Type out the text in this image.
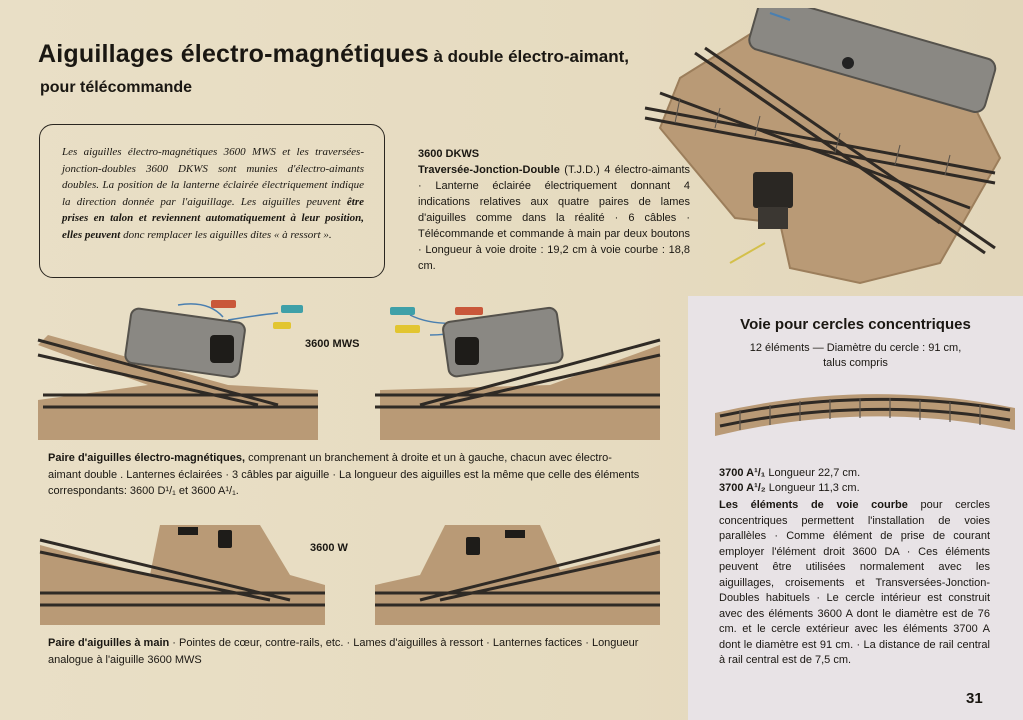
Aiguillages électro-magnétiques à double électro-aimant,
pour télécommande

Les aiguilles électro-magnétiques 3600 MWS et les traversées-jonction-doubles 3600 DKWS sont munies d'électro-aimants doubles. La position de la lanterne éclairée électriquement indique la direction donnée par l'aiguillage. Les aiguilles peuvent être prises en talon et reviennent automatiquement à leur position, elles peuvent donc remplacer les aiguilles dites « à ressort ».

3600 DKWS
Traversée-Jonction-Double (T.J.D.) 4 électro-aimants · Lanterne éclairée électriquement donnant 4 indications relatives aux quatre paires de lames d'aiguilles comme dans la réalité · 6 câbles · Télécommande et commande à main par deux boutons · Longueur à voie droite : 19,2 cm à voie courbe : 18,8 cm.

3600 MWS

Paire d'aiguilles électro-magnétiques, comprenant un branchement à droite et un à gauche, chacun avec électro-aimant double . Lanternes éclairées · 3 câbles par aiguille · La longueur des aiguilles est la même que celle des éléments correspondants: 3600 D¹/₁ et 3600 A¹/₁.

3600 W

Paire d'aiguilles à main · Pointes de cœur, contre-rails, etc. · Lames d'aiguilles à ressort · Lanternes factices · Longueur analogue à l'aiguille 3600 MWS

Voie pour cercles concentriques

12 éléments — Diamètre du cercle : 91 cm,
talus compris

3700 A¹/₁ Longueur 22,7 cm.
3700 A¹/₂ Longueur 11,3 cm.

Les éléments de voie courbe pour cercles concentriques permettent l'installation de voies parallèles · Comme élément de prise de courant employer l'élément droit 3600 DA · Ces éléments peuvent être utilisées normalement avec les aiguillages, croisements et Transversées-Jonction-Doubles habituels · Le cercle intérieur est construit avec des éléments 3600 A dont le diamètre est de 76 cm. et le cercle extérieur avec les éléments 3700 A dont le diamètre est 91 cm. · La distance de rail central à rail central est de 7,5 cm.

31
